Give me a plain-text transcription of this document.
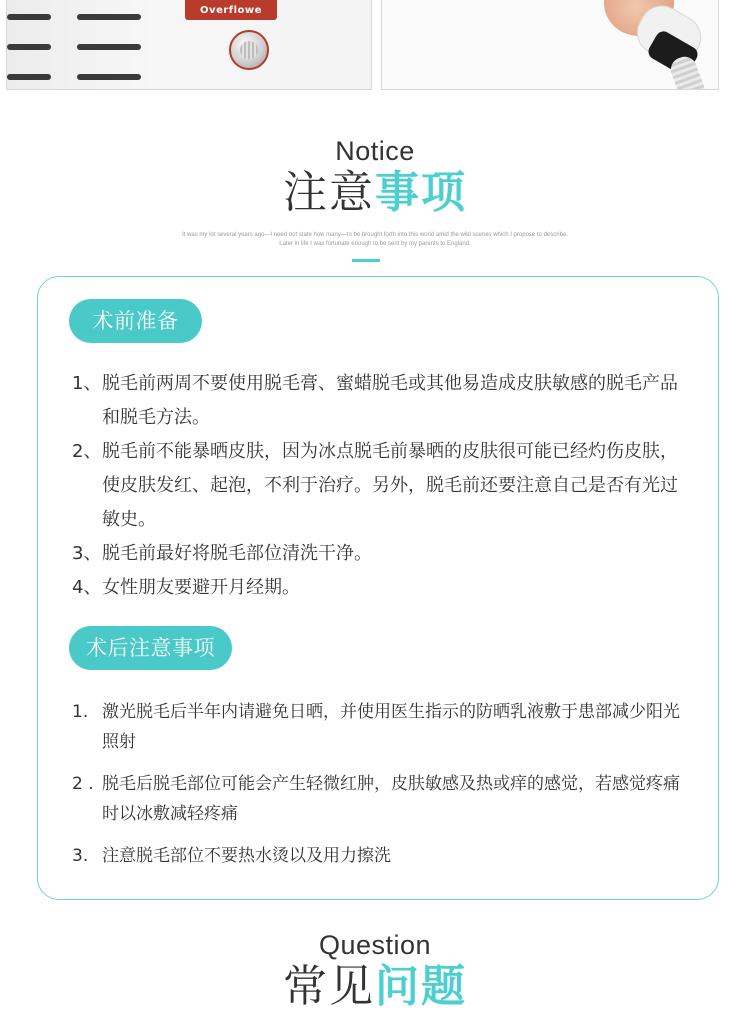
Overflowe
Notice
注意事项
It was my lot several years ago—I need not state how many—to be brought forth into this world amid the wild scenes which I propose to describe. Later in life I was fortunate enough to be sent by my parents to England.
术前准备
1、 脱毛前两周不要使用脱毛膏、蜜蜡脱毛或其他易造成皮肤敏感的脱毛产品和脱毛方法。
2、 脱毛前不能暴晒皮肤，因为冰点脱毛前暴晒的皮肤很可能已经灼伤皮肤，使皮肤发红、起泡，不利于治疗。另外，脱毛前还要注意自己是否有光过敏史。
3、 脱毛前最好将脱毛部位清洗干净。
4、 女性朋友要避开月经期。
术后注意事项
1. 激光脱毛后半年内请避免日晒，并使用医生指示的防晒乳液敷于患部减少阳光照射
2 . 脱毛后脱毛部位可能会产生轻微红肿，皮肤敏感及热或痒的感觉，若感觉疼痛时以冰敷减轻疼痛
3. 注意脱毛部位不要热水烫以及用力擦洗
Question
常见问题
